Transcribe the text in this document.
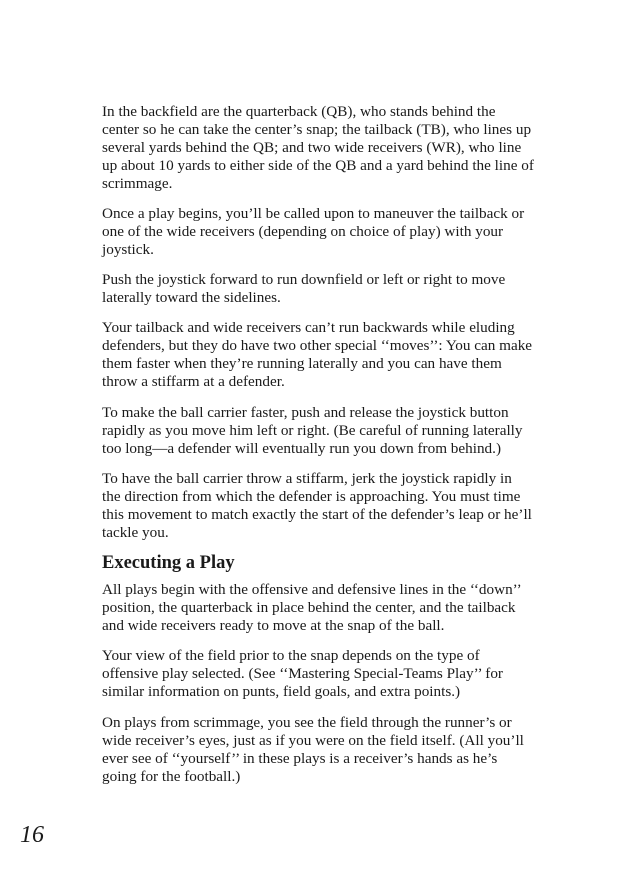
In the backfield are the quarterback (QB), who stands behind the center so he can take the center’s snap; the tailback (TB), who lines up several yards behind the QB; and two wide receivers (WR), who line up about 10 yards to either side of the QB and a yard behind the line of scrimmage.

Once a play begins, you’ll be called upon to maneuver the tailback or one of the wide receivers (depending on choice of play) with your joystick.

Push the joystick forward to run downfield or left or right to move laterally toward the sidelines.

Your tailback and wide receivers can’t run backwards while eluding defenders, but they do have two other special ‘‘moves’’: You can make them faster when they’re running laterally and you can have them throw a stiffarm at a defender.

To make the ball carrier faster, push and release the joystick button rapidly as you move him left or right. (Be careful of running laterally too long—a defender will eventually run you down from behind.)

To have the ball carrier throw a stiffarm, jerk the joystick rapidly in the direction from which the defender is approaching. You must time this movement to match exactly the start of the defender’s leap or he’ll tackle you.

Executing a Play

All plays begin with the offensive and defensive lines in the ‘‘down’’ position, the quarterback in place behind the center, and the tailback and wide receivers ready to move at the snap of the ball.

Your view of the field prior to the snap depends on the type of offensive play selected. (See ‘‘Mastering Special-Teams Play’’ for similar information on punts, field goals, and extra points.)

On plays from scrimmage, you see the field through the runner’s or wide receiver’s eyes, just as if you were on the field itself. (All you’ll ever see of ‘‘yourself’’ in these plays is a receiver’s hands as he’s going for the football.)

16
